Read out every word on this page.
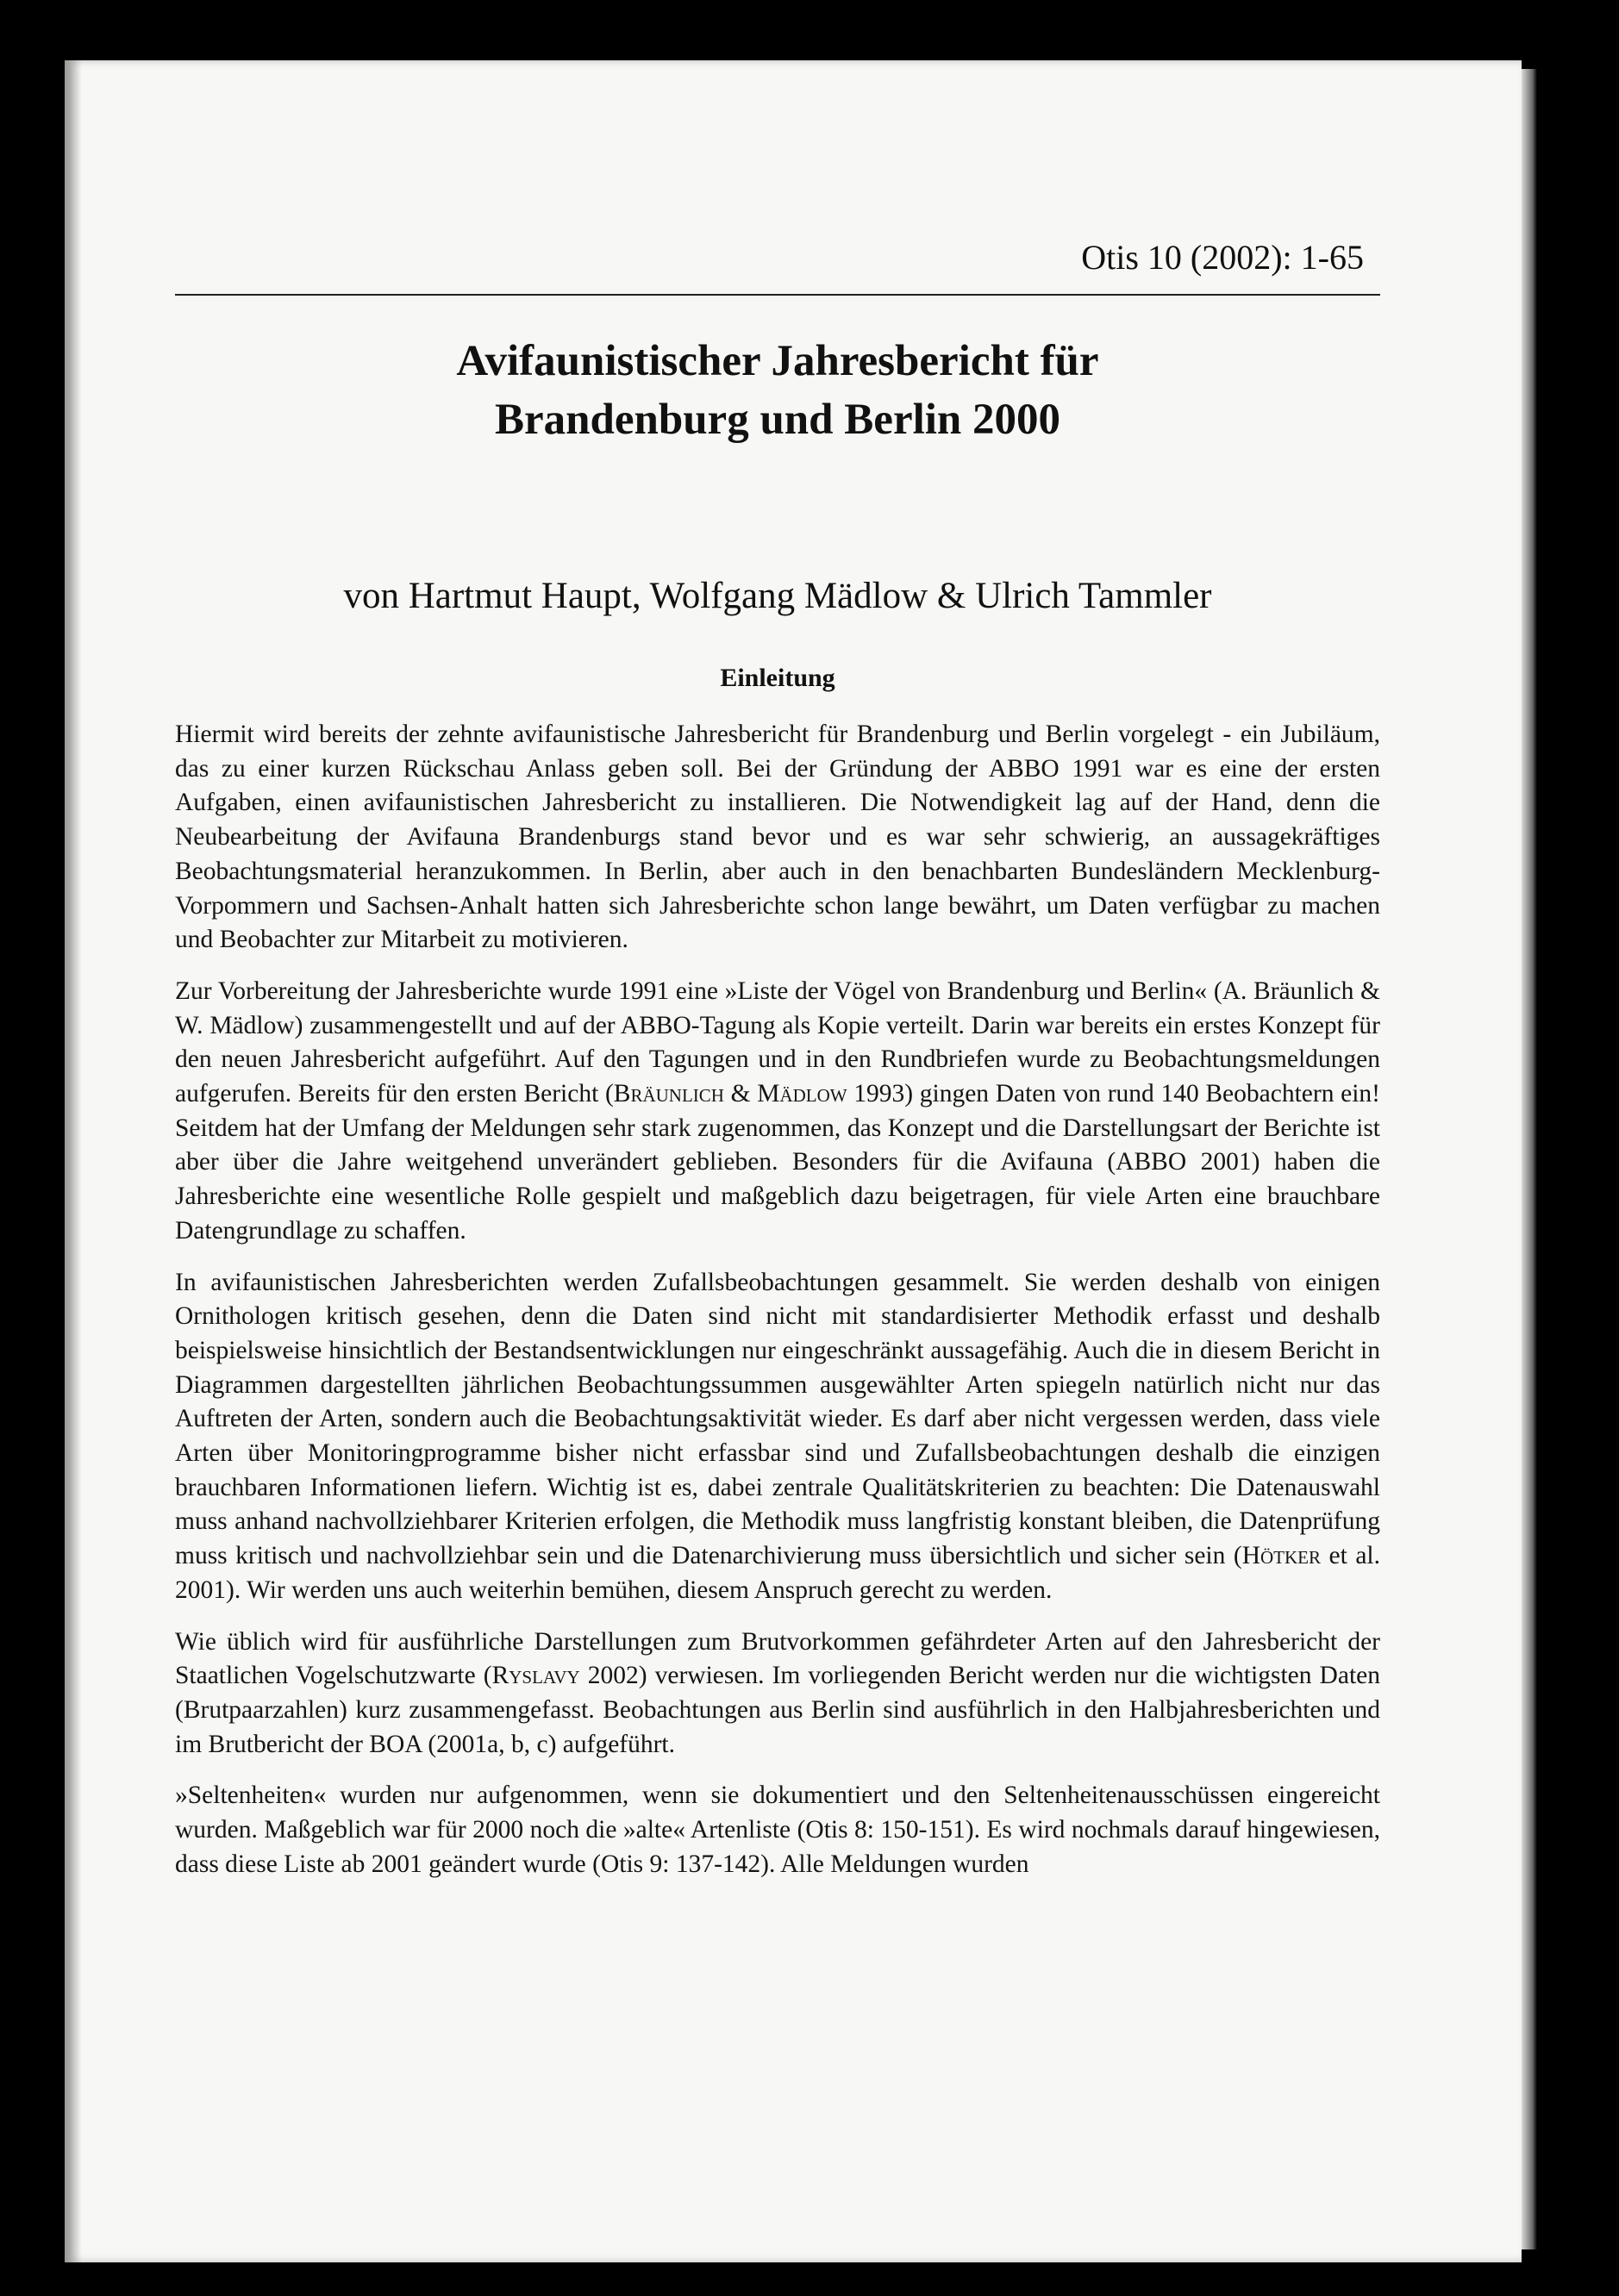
Otis 10 (2002): 1-65

Avifaunistischer Jahresbericht für
Brandenburg und Berlin 2000

von Hartmut Haupt, Wolfgang Mädlow & Ulrich Tammler

Einleitung

Hiermit wird bereits der zehnte avifaunistische Jahresbericht für Brandenburg und Berlin vorgelegt - ein Jubiläum, das zu einer kurzen Rückschau Anlass geben soll. Bei der Gründung der ABBO 1991 war es eine der ersten Aufgaben, einen avifaunistischen Jahresbericht zu installieren. Die Notwendigkeit lag auf der Hand, denn die Neubearbeitung der Avifauna Brandenburgs stand bevor und es war sehr schwierig, an aussagekräftiges Beobachtungsmaterial heranzukommen. In Berlin, aber auch in den benachbarten Bundesländern Mecklenburg-Vorpommern und Sachsen-Anhalt hatten sich Jahresberichte schon lange bewährt, um Daten verfügbar zu machen und Beobachter zur Mitarbeit zu motivieren.

Zur Vorbereitung der Jahresberichte wurde 1991 eine »Liste der Vögel von Brandenburg und Berlin« (A. Bräunlich & W. Mädlow) zusammengestellt und auf der ABBO-Tagung als Kopie verteilt. Darin war bereits ein erstes Konzept für den neuen Jahresbericht aufgeführt. Auf den Tagungen und in den Rundbriefen wurde zu Beobachtungsmeldungen aufgerufen. Bereits für den ersten Bericht (Bräunlich & Mädlow 1993) gingen Daten von rund 140 Beobachtern ein! Seitdem hat der Umfang der Meldungen sehr stark zugenommen, das Konzept und die Darstellungsart der Berichte ist aber über die Jahre weitgehend unverändert geblieben. Besonders für die Avifauna (ABBO 2001) haben die Jahresberichte eine wesentliche Rolle gespielt und maßgeblich dazu beigetragen, für viele Arten eine brauchbare Datengrundlage zu schaffen.

In avifaunistischen Jahresberichten werden Zufallsbeobachtungen gesammelt. Sie werden deshalb von einigen Ornithologen kritisch gesehen, denn die Daten sind nicht mit standardisierter Methodik erfasst und deshalb beispielsweise hinsichtlich der Bestandsentwicklungen nur eingeschränkt aussagefähig. Auch die in diesem Bericht in Diagrammen dargestellten jährlichen Beobachtungssummen ausgewählter Arten spiegeln natürlich nicht nur das Auftreten der Arten, sondern auch die Beobachtungsaktivität wieder. Es darf aber nicht vergessen werden, dass viele Arten über Monitoringprogramme bisher nicht erfassbar sind und Zufallsbeobachtungen deshalb die einzigen brauchbaren Informationen liefern. Wichtig ist es, dabei zentrale Qualitätskriterien zu beachten: Die Datenauswahl muss anhand nachvollziehbarer Kriterien erfolgen, die Methodik muss langfristig konstant bleiben, die Datenprüfung muss kritisch und nachvollziehbar sein und die Datenarchivierung muss übersichtlich und sicher sein (Hötker et al. 2001). Wir werden uns auch weiterhin bemühen, diesem Anspruch gerecht zu werden.

Wie üblich wird für ausführliche Darstellungen zum Brutvorkommen gefährdeter Arten auf den Jahresbericht der Staatlichen Vogelschutzwarte (Ryslavy 2002) verwiesen. Im vorliegenden Bericht werden nur die wichtigsten Daten (Brutpaarzahlen) kurz zusammengefasst. Beobachtungen aus Berlin sind ausführlich in den Halbjahresberichten und im Brutbericht der BOA (2001a, b, c) aufgeführt.

»Seltenheiten« wurden nur aufgenommen, wenn sie dokumentiert und den Seltenheitenausschüssen eingereicht wurden. Maßgeblich war für 2000 noch die »alte« Artenliste (Otis 8: 150-151). Es wird nochmals darauf hingewiesen, dass diese Liste ab 2001 geändert wurde (Otis 9: 137-142). Alle Meldungen wurden
